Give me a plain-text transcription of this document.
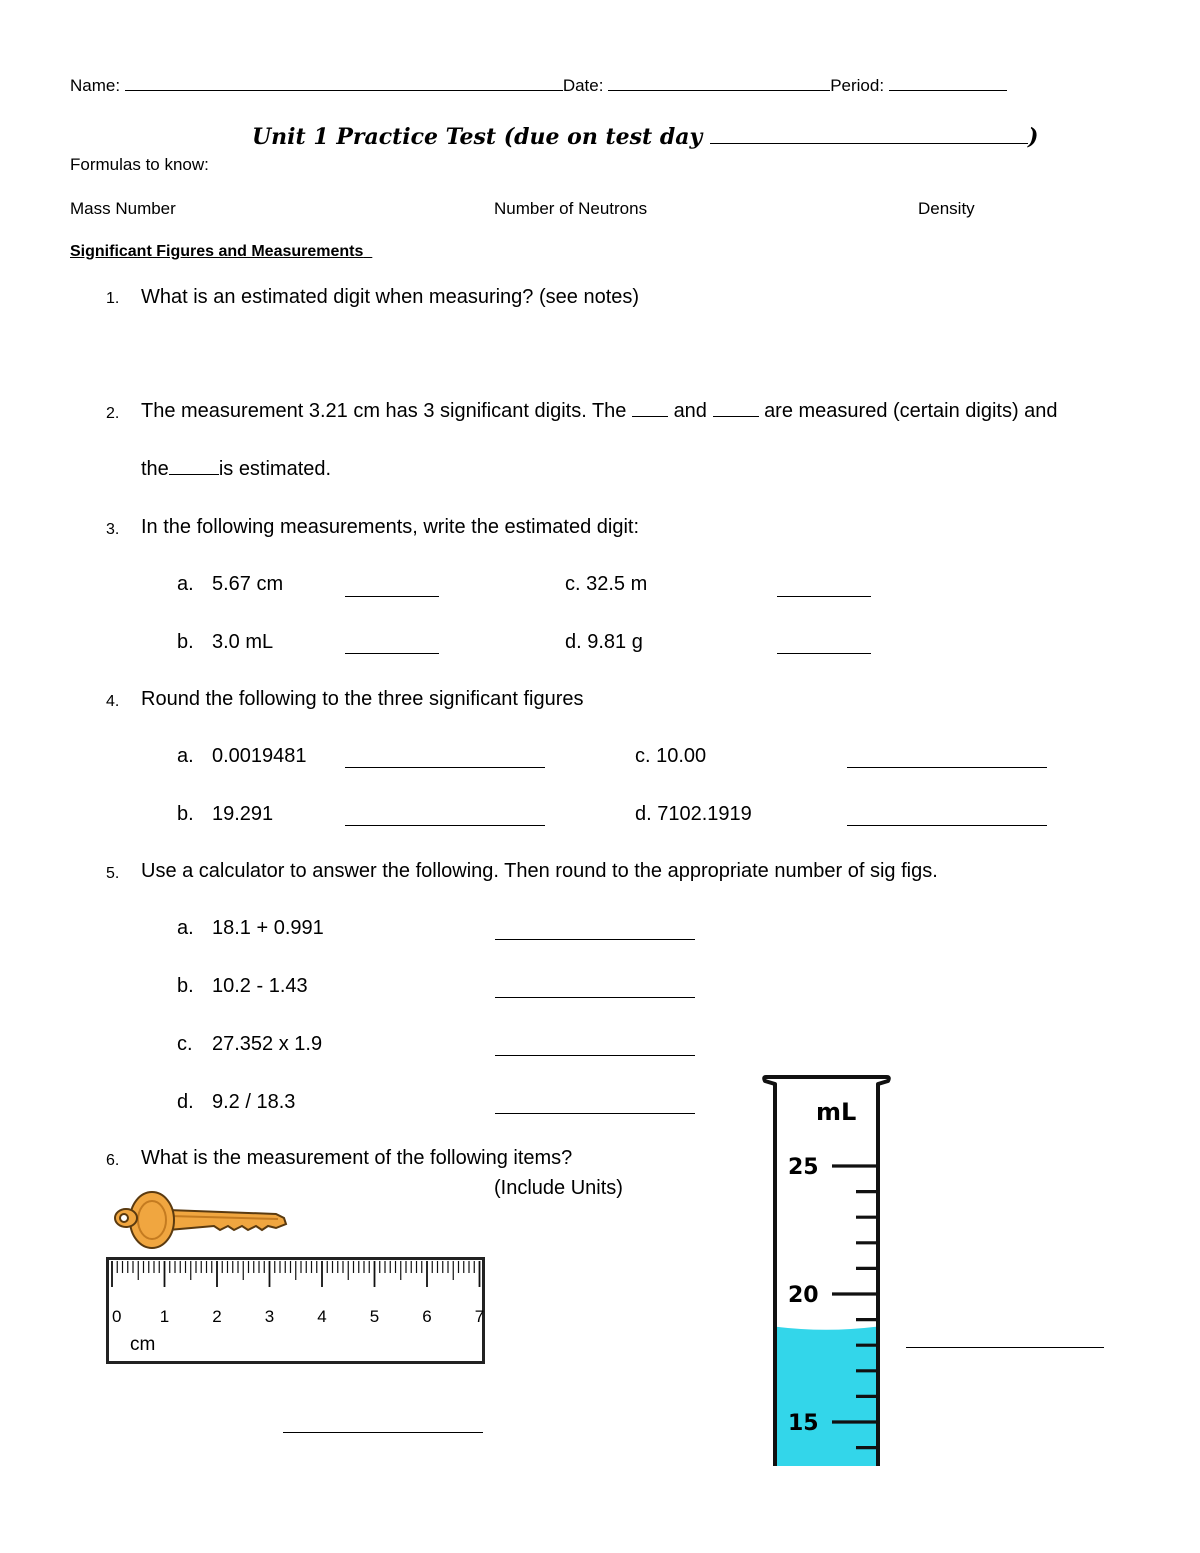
Name:	Date:	Period:
Unit 1 Practice Test (due on test day	)
Formulas to know:
Mass Number	Number of Neutrons	Density
Significant Figures and Measurements
1. What is an estimated digit when measuring? (see notes)
2. The measurement 3.21 cm has 3 significant digits. The and	are measured (certain digits) and
the	is estimated.
3. In the following measurements, write the estimated digit:
a. 5.67 cm	c. 32.5 m
b. 3.0 mL	d. 9.81 g
4. Round the following to the three significant figures
a. 0.0019481	c. 10.00
b. 19.291	d. 7102.1919
5. Use a calculator to answer the following. Then round to the appropriate number of sig figs.
a. 18.1 + 0.991
b. 10.2 - 1.43
c. 27.352 x 1.9
d. 9.2 / 18.3
6. What is the measurement of the following items?
(Include Units)
0 1	2	3	4	5	6	7
cm
25
20
15
mL
